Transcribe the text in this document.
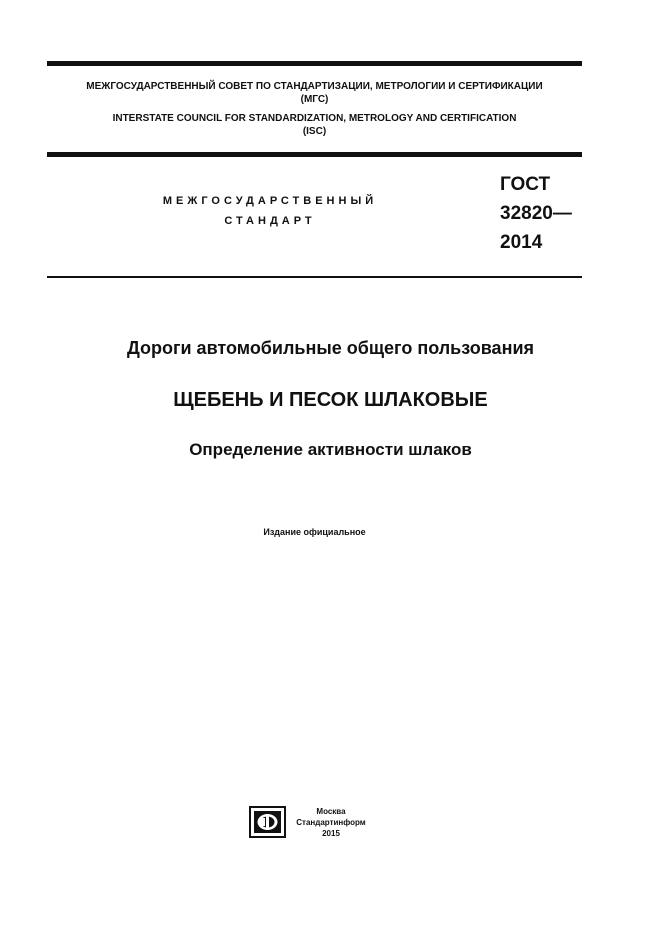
МЕЖГОСУДАРСТВЕННЫЙ СОВЕТ ПО СТАНДАРТИЗАЦИИ, МЕТРОЛОГИИ И СЕРТИФИКАЦИИ
(МГС)
INTERSTATE COUNCIL FOR STANDARDIZATION, METROLOGY AND CERTIFICATION
(ISC)
МЕЖГОСУДАРСТВЕННЫЙ
СТАНДАРТ
ГОСТ
32820—
2014
Дороги автомобильные общего пользования
ЩЕБЕНЬ И ПЕСОК ШЛАКОВЫЕ
Определение активности шлаков
Издание официальное
Москва
Стандартинформ
2015
